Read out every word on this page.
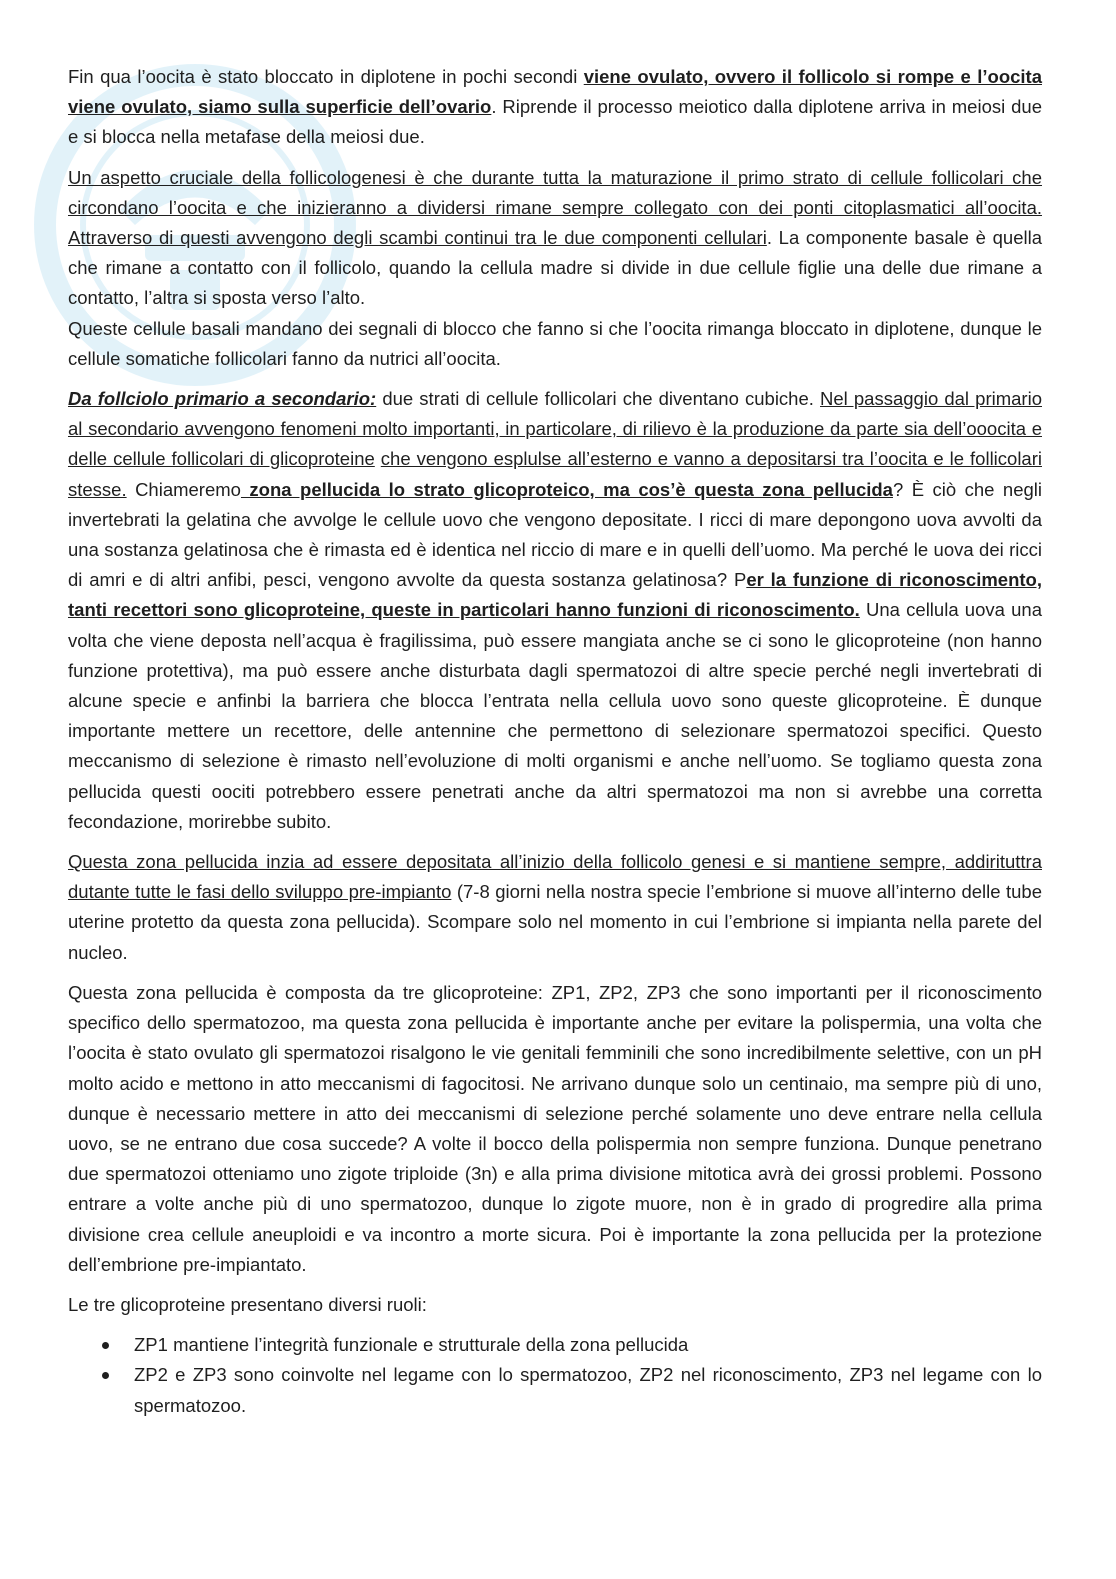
Fin qua l’oocita è stato bloccato in diplotene in pochi secondi viene ovulato, ovvero il follicolo si rompe e l’oocita viene ovulato, siamo sulla superficie dell’ovario. Riprende il processo meiotico dalla diplotene arriva in meiosi due e si blocca nella metafase della meiosi due.

Un aspetto cruciale della follicologenesi è che durante tutta la maturazione il primo strato di cellule follicolari che circondano l’oocita e che inizieranno a dividersi rimane sempre collegato con dei ponti citoplasmatici all’oocita. Attraverso di questi avvengono degli scambi continui tra le due componenti cellulari. La componente basale è quella che rimane a contatto con il follicolo, quando la cellula madre si divide in due cellule figlie una delle due rimane a contatto, l’altra si sposta verso l’alto.

Queste cellule basali mandano dei segnali di blocco che fanno si che l’oocita rimanga bloccato in diplotene, dunque le cellule somatiche follicolari fanno da nutrici all’oocita.

Da follciolo primario a secondario: due strati di cellule follicolari che diventano cubiche. Nel passaggio dal primario al secondario avvengono fenomeni molto importanti, in particolare, di rilievo è la produzione da parte sia dell’ooocita e delle cellule follicolari di glicoproteine che vengono esplulse all’esterno e vanno a depositarsi tra l’oocita e le follicolari stesse. Chiameremo zona pellucida lo strato glicoproteico, ma cos’è questa zona pellucida? È ciò che negli invertebrati la gelatina che avvolge le cellule uovo che vengono depositate. I ricci di mare depongono uova avvolti da una sostanza gelatinosa che è rimasta ed è identica nel riccio di mare e in quelli dell’uomo. Ma perché le uova dei ricci di amri e di altri anfibi, pesci, vengono avvolte da questa sostanza gelatinosa? Per la funzione di riconoscimento, tanti recettori sono glicoproteine, queste in particolari hanno funzioni di riconoscimento. Una cellula uova una volta che viene deposta nell’acqua è fragilissima, può essere mangiata anche se ci sono le glicoproteine (non hanno funzione protettiva), ma può essere anche disturbata dagli spermatozoi di altre specie perché negli invertebrati di alcune specie e anfinbi la barriera che blocca l’entrata nella cellula uovo sono queste glicoproteine. È dunque importante mettere un recettore, delle antennine che permettono di selezionare spermatozoi specifici. Questo meccanismo di selezione è rimasto nell’evoluzione di molti organismi e anche nell’uomo. Se togliamo questa zona pellucida questi oociti potrebbero essere penetrati anche da altri spermatozoi ma non si avrebbe una corretta fecondazione, morirebbe subito.

Questa zona pellucida inzia ad essere depositata all’inizio della follicolo genesi e si mantiene sempre, addirituttra dutante tutte le fasi dello sviluppo pre-impianto (7-8 giorni nella nostra specie l’embrione si muove all’interno delle tube uterine protetto da questa zona pellucida). Scompare solo nel momento in cui l’embrione si impianta nella parete del nucleo.

Questa zona pellucida è composta da tre glicoproteine: ZP1, ZP2, ZP3 che sono importanti per il riconoscimento specifico dello spermatozoo, ma questa zona pellucida è importante anche per evitare la polispermia, una volta che l’oocita è stato ovulato gli spermatozoi risalgono le vie genitali femminili che sono incredibilmente selettive, con un pH molto acido e mettono in atto meccanismi di fagocitosi. Ne arrivano dunque solo un centinaio, ma sempre più di uno, dunque è necessario mettere in atto dei meccanismi di selezione perché solamente uno deve entrare nella cellula uovo, se ne entrano due cosa succede? A volte il bocco della polispermia non sempre funziona. Dunque penetrano due spermatozoi otteniamo uno zigote triploide (3n) e alla prima divisione mitotica avrà dei grossi problemi. Possono entrare a volte anche più di uno spermatozoo, dunque lo zigote muore, non è in grado di progredire alla prima divisione crea cellule aneuploidi e va incontro a morte sicura. Poi è importante la zona pellucida per la protezione dell’embrione pre-impiantato.

Le tre glicoproteine presentano diversi ruoli:

ZP1 mantiene l’integrità funzionale e strutturale della zona pellucida
ZP2 e ZP3 sono coinvolte nel legame con lo spermatozoo, ZP2 nel riconoscimento, ZP3 nel legame con lo spermatozoo.
